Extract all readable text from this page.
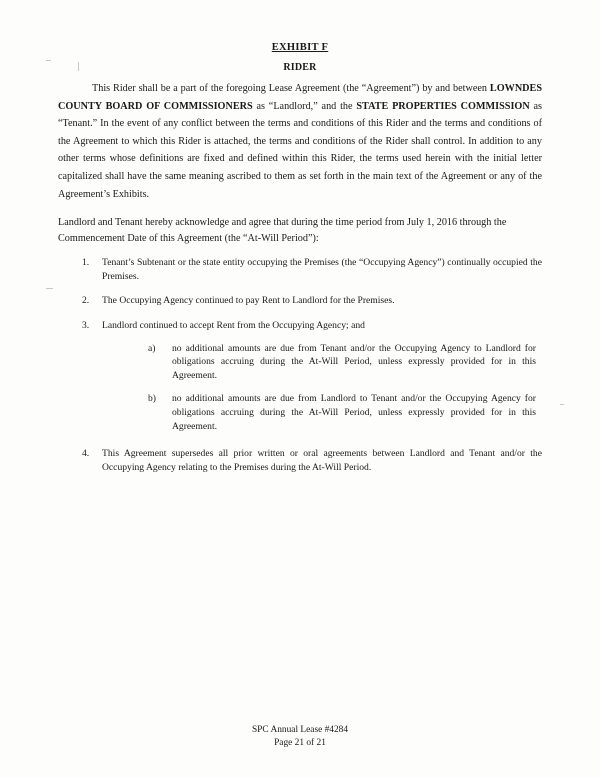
EXHIBIT F
RIDER

This Rider shall be a part of the foregoing Lease Agreement (the “Agreement”) by and between LOWNDES COUNTY BOARD OF COMMISSIONERS as “Landlord,” and the STATE PROPERTIES COMMISSION as “Tenant.” In the event of any conflict between the terms and conditions of this Rider and the terms and conditions of the Agreement to which this Rider is attached, the terms and conditions of the Rider shall control. In addition to any other terms whose definitions are fixed and defined within this Rider, the terms used herein with the initial letter capitalized shall have the same meaning ascribed to them as set forth in the main text of the Agreement or any of the Agreement’s Exhibits.

Landlord and Tenant hereby acknowledge and agree that during the time period from July 1, 2016 through the Commencement Date of this Agreement (the “At-Will Period”):

1.	Tenant’s Subtenant or the state entity occupying the Premises (the “Occupying Agency”) continually occupied the Premises.
2.	The Occupying Agency continued to pay Rent to Landlord for the Premises.
3.	Landlord continued to accept Rent from the Occupying Agency; and
a)	no additional amounts are due from Tenant and/or the Occupying Agency to Landlord for obligations accruing during the At-Will Period, unless expressly provided for in this Agreement.
b)	no additional amounts are due from Landlord to Tenant and/or the Occupying Agency for obligations accruing during the At-Will Period, unless expressly provided for in this Agreement.
4.	This Agreement supersedes all prior written or oral agreements between Landlord and Tenant and/or the Occupying Agency relating to the Premises during the At-Will Period.
SPC Annual Lease #4284
Page 21 of 21
